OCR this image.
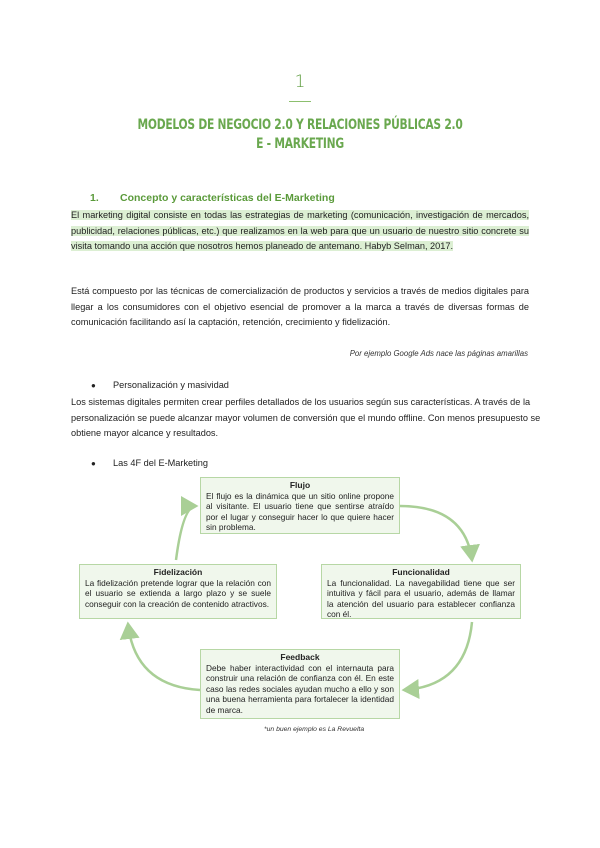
1
MODELOS DE NEGOCIO 2.0 Y RELACIONES PÚBLICAS 2.0
E - MARKETING
1. Concepto y características del E-Marketing
El marketing digital consiste en todas las estrategias de marketing (comunicación, investigación de mercados, publicidad, relaciones públicas, etc.) que realizamos en la web para que un usuario de nuestro sitio concrete su visita tomando una acción que nosotros hemos planeado de antemano. Habyb Selman, 2017.
Está compuesto por las técnicas de comercialización de productos y servicios a través de medios digitales para llegar a los consumidores con el objetivo esencial de promover a la marca a través de diversas formas de comunicación facilitando así la captación, retención, crecimiento y fidelización.
Por ejemplo Google Ads nace las páginas amarillas
● Personalización y masividad
Los sistemas digitales permiten crear perfiles detallados de los usuarios según sus características. A través de la personalización se puede alcanzar mayor volumen de conversión que el mundo offline. Con menos presupuesto se obtiene mayor alcance y resultados.
● Las 4F del E-Marketing
Flujo
El flujo es la dinámica que un sitio online propone al visitante. El usuario tiene que sentirse atraído por el lugar y conseguir hacer lo que quiere hacer sin problema.
Fidelización
La fidelización pretende lograr que la relación con el usuario se extienda a largo plazo y se suele conseguir con la creación de contenido atractivos.
Funcionalidad
La funcionalidad. La navegabilidad tiene que ser intuitiva y fácil para el usuario, además de llamar la atención del usuario para establecer confianza con él.
Feedback
Debe haber interactividad con el internauta para construir una relación de confianza con él. En este caso las redes sociales ayudan mucho a ello y son una buena herramienta para fortalecer la identidad de marca.
*un buen ejemplo es La Revuelta
